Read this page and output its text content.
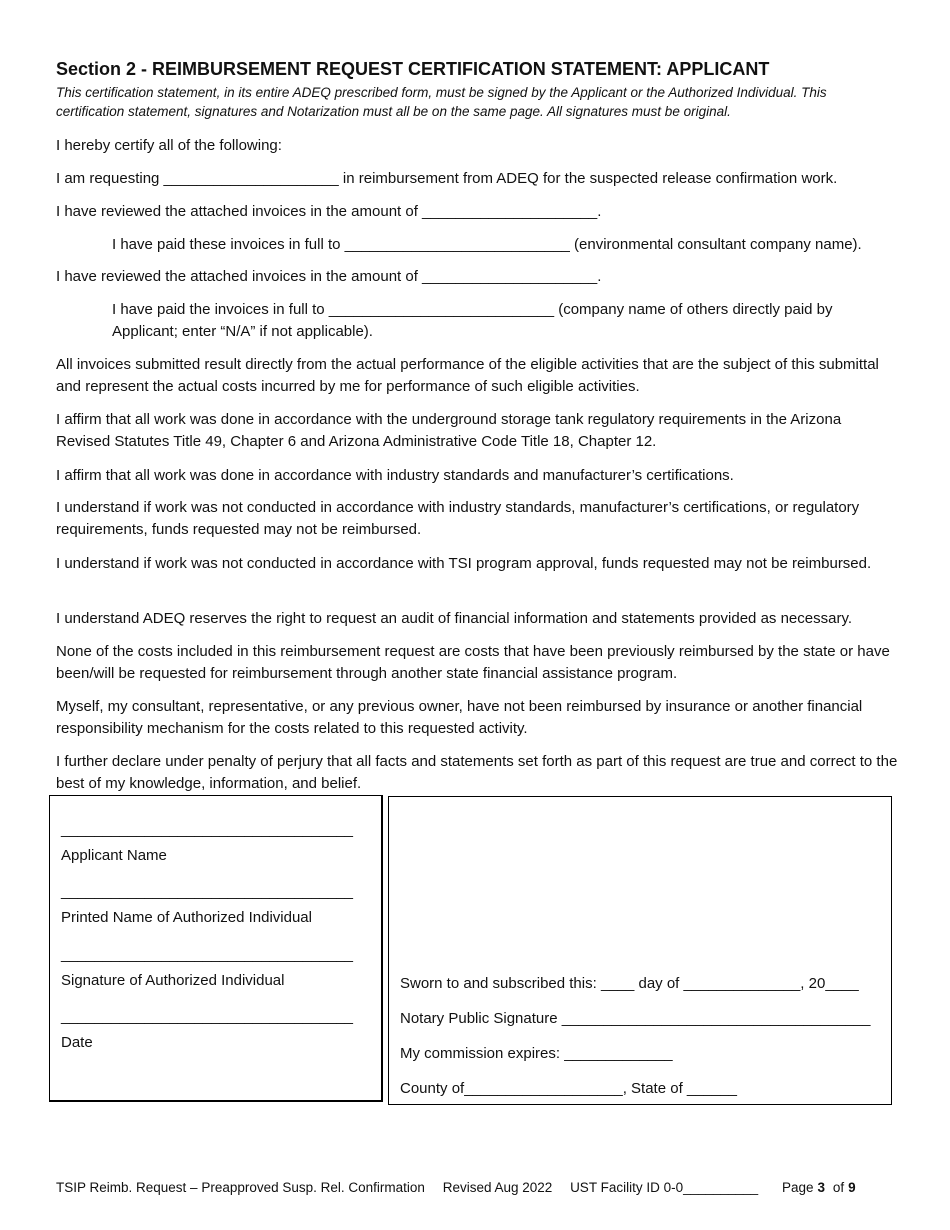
Section 2 - REIMBURSEMENT REQUEST CERTIFICATION STATEMENT: APPLICANT
This certification statement, in its entire ADEQ prescribed form, must be signed by the Applicant or the Authorized Individual. This certification statement, signatures and Notarization must all be on the same page. All signatures must be original.
I hereby certify all of the following:
I am requesting _____________________ in reimbursement from ADEQ for the suspected release confirmation work.
I have reviewed the attached invoices in the amount of _____________________.
I have paid these invoices in full to ___________________________ (environmental consultant company name).
I have reviewed the attached invoices in the amount of _____________________.
I have paid the invoices in full to ___________________________ (company name of others directly paid by Applicant; enter “N/A” if not applicable).
All invoices submitted result directly from the actual performance of the eligible activities that are the subject of this submittal and represent the actual costs incurred by me for performance of such eligible activities.
I affirm that all work was done in accordance with the underground storage tank regulatory requirements in the Arizona Revised Statutes Title 49, Chapter 6 and Arizona Administrative Code Title 18, Chapter 12.
I affirm that all work was done in accordance with industry standards and manufacturer’s certifications.
I understand if work was not conducted in accordance with industry standards, manufacturer’s certifications, or regulatory requirements, funds requested may not be reimbursed.
I understand if work was not conducted in accordance with TSI program approval, funds requested may not be reimbursed.
I understand ADEQ reserves the right to request an audit of financial information and statements provided as necessary.
None of the costs included in this reimbursement request are costs that have been previously reimbursed by the state or have been/will be requested for reimbursement through another state financial assistance program.
Myself, my consultant, representative, or any previous owner, have not been reimbursed by insurance or another financial responsibility mechanism for the costs related to this requested activity.
I further declare under penalty of perjury that all facts and statements set forth as part of this request are true and correct to the best of my knowledge, information, and belief.
___________________________________
Applicant Name
___________________________________
Printed Name of Authorized Individual
___________________________________
Signature of Authorized Individual
___________________________________
Date
Sworn to and subscribed this: ____ day of ______________, 20____
Notary Public Signature _____________________________________
My commission expires: _____________
County of___________________, State of ______
TSIP Reimb. Request – Preapproved Susp. Rel. Confirmation Revised Aug 2022 UST Facility ID 0-0__________ Page 3 of 9
